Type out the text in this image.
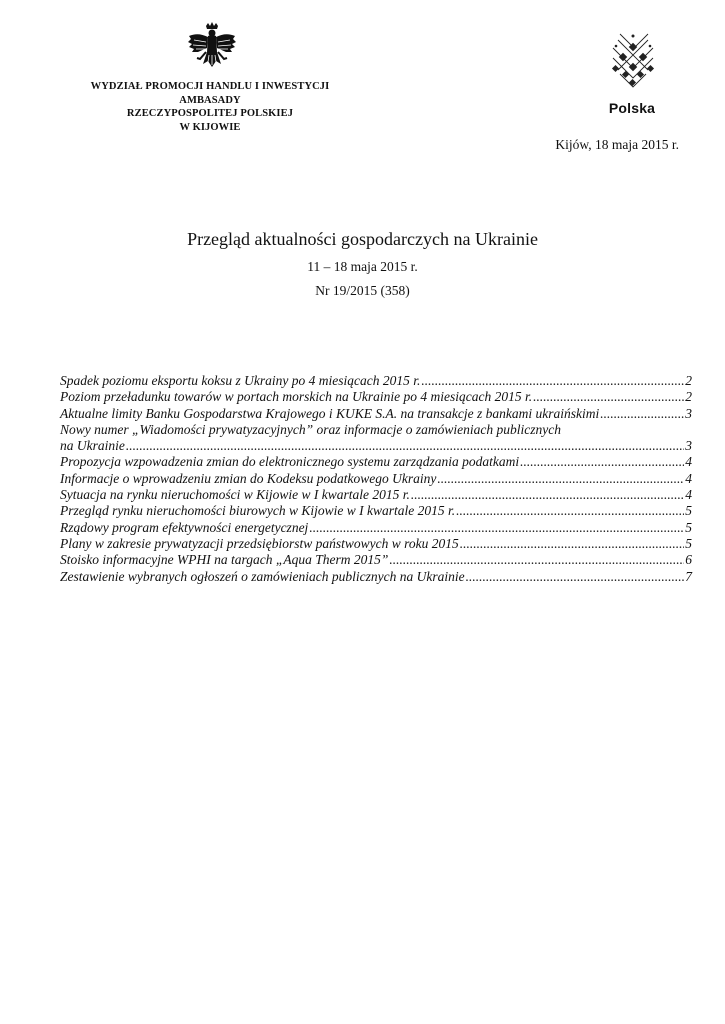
WYDZIAŁ PROMOCJI HANDLU I INWESTYCJI
AMBASADY
RZECZYPOSPOLITEJ POLSKIEJ
W KIJOWIE
Polska
Kijów, 18 maja 2015 r.
Przegląd aktualności gospodarczych na Ukrainie
11 – 18 maja 2015 r.
Nr 19/2015 (358)
Spadek poziomu eksportu koksu z Ukrainy po 4 miesiącach 2015 r. .....	2
Poziom przeładunku towarów w portach morskich na Ukrainie po 4 miesiącach 2015 r. .....	2
Aktualne limity Banku Gospodarstwa Krajowego i KUKE S.A. na transakcje z bankami ukraińskimi .....	3
Nowy numer „Wiadomości prywatyzacyjnych” oraz informacje o zamówieniach publicznych
na Ukrainie .....	3
Propozycja wzpowadzenia zmian do elektronicznego systemu zarządzania podatkami .....	4
Informacje o wprowadzeniu zmian do Kodeksu podatkowego Ukrainy .....	4
Sytuacja na rynku nieruchomości w Kijowie w I kwartale 2015 r. .....	4
Przegląd rynku nieruchomości biurowych w Kijowie w I kwartale 2015 r. .....	5
Rządowy program efektywności energetycznej .....	5
Plany w zakresie prywatyzacji przedsiębiorstw państwowych w roku 2015 .....	5
Stoisko informacyjne WPHI na targach „Aqua Therm 2015” .....	6
Zestawienie wybranych ogłoszeń o zamówieniach publicznych na Ukrainie .....	7
